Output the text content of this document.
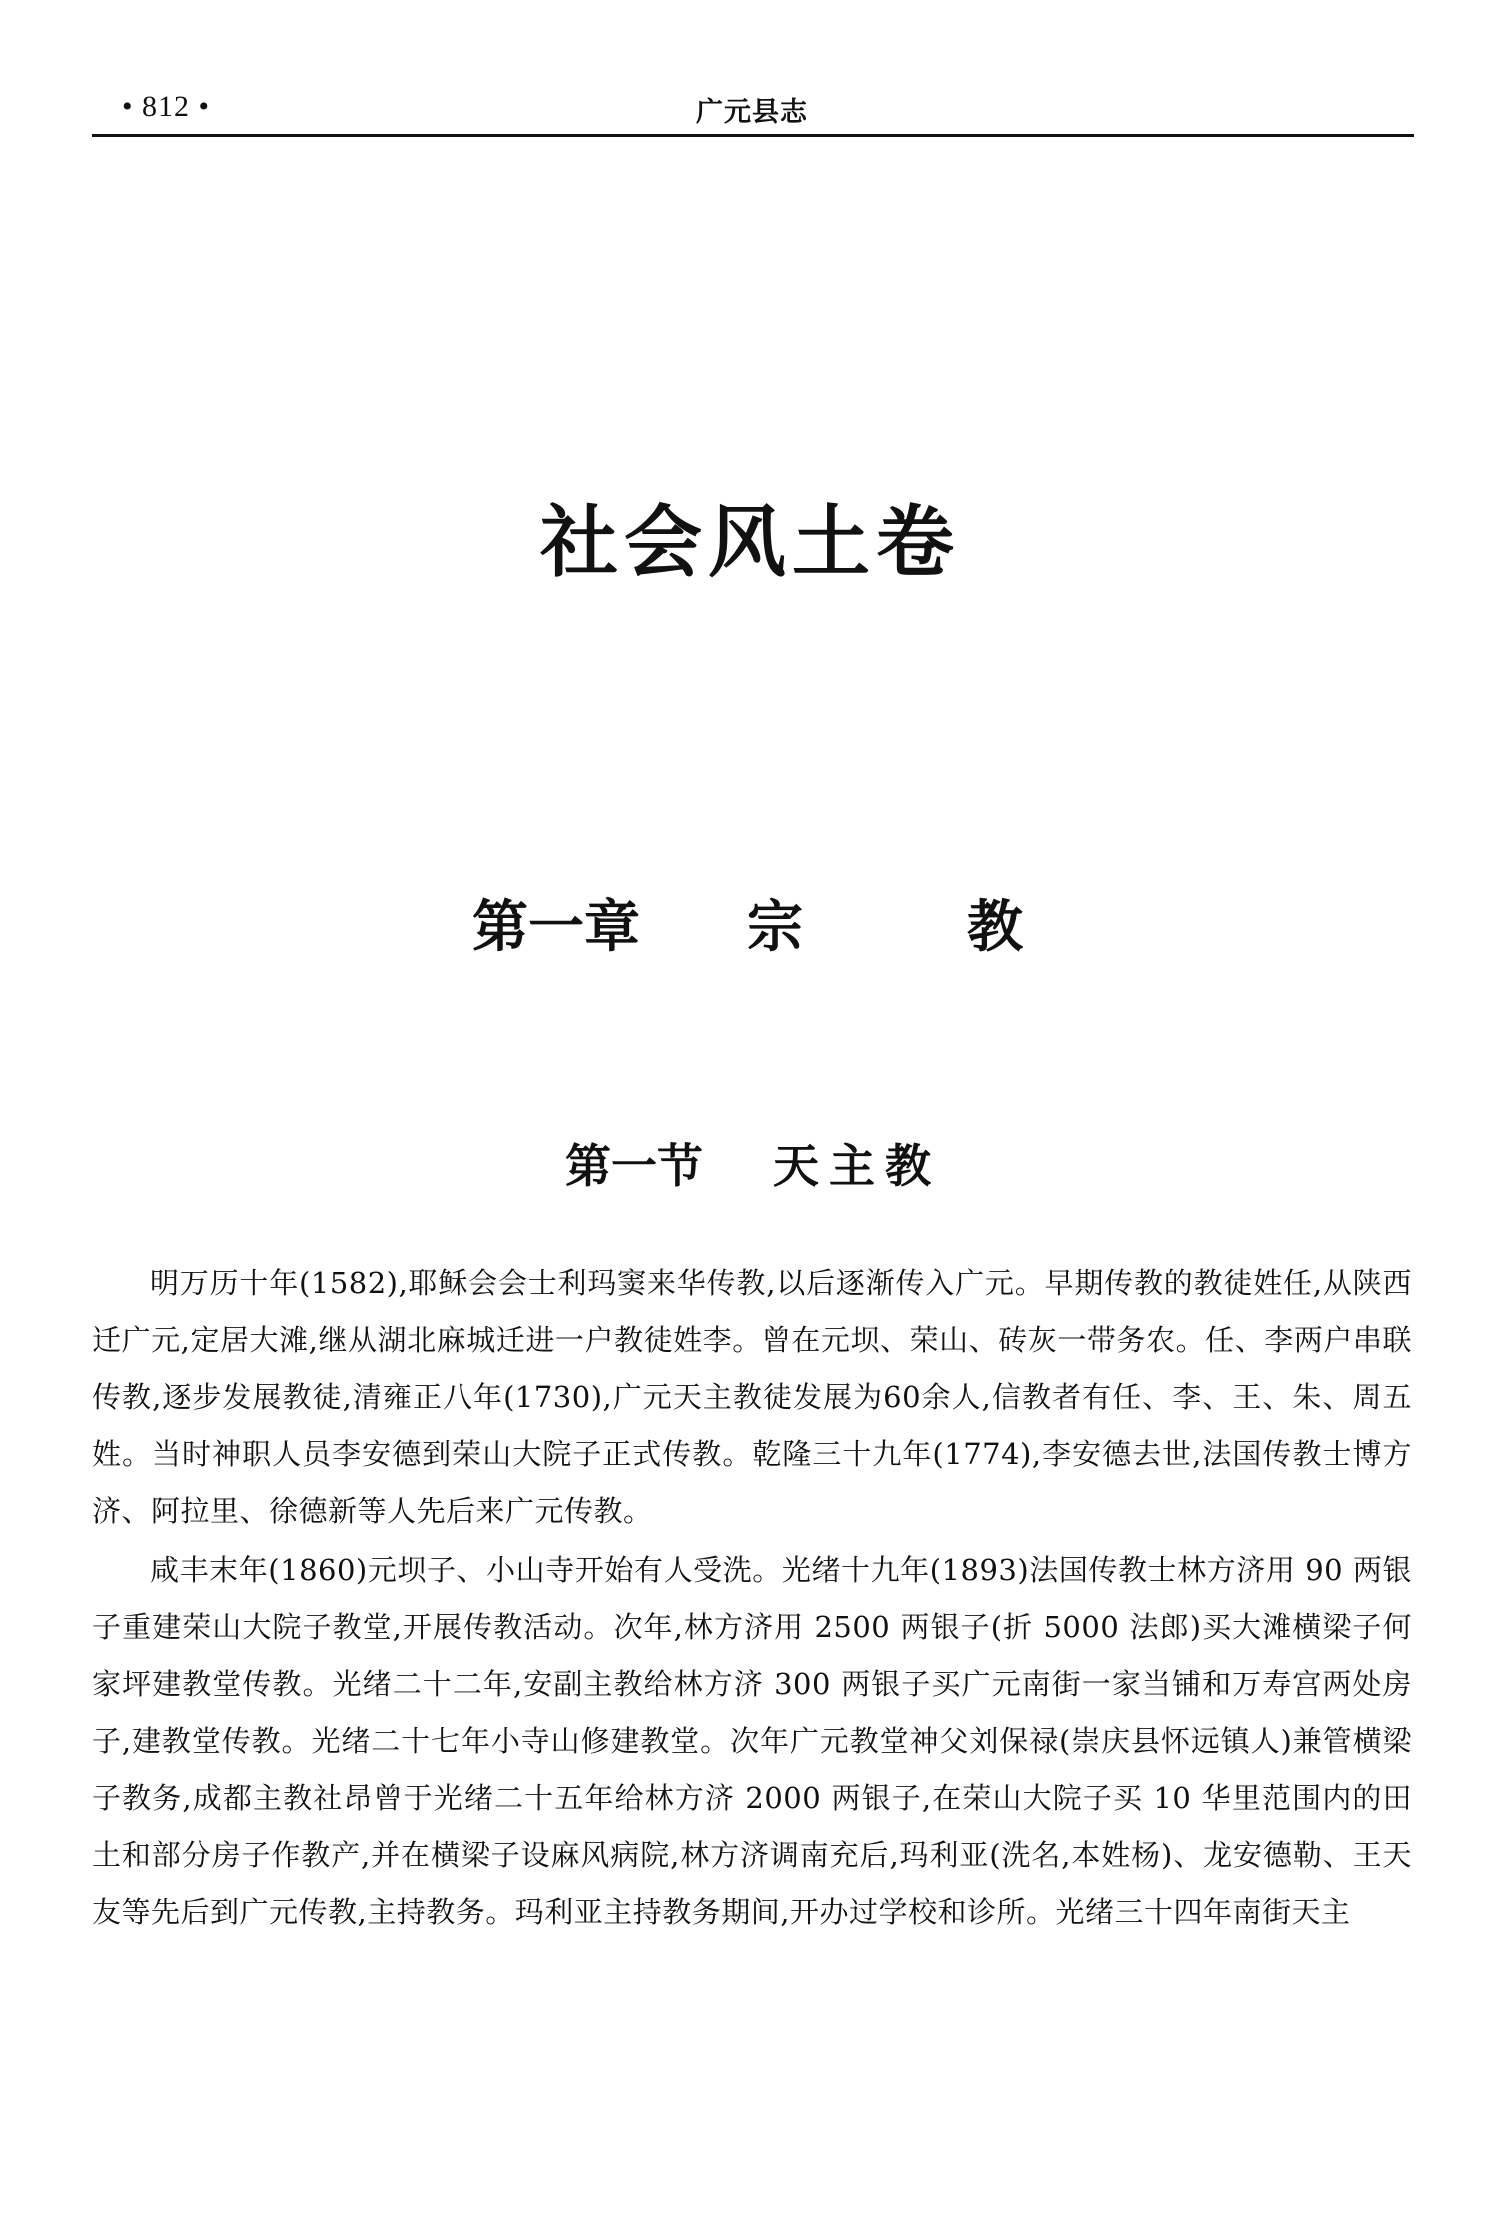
• 812 •	广元县志
社会风土卷
第一章 宗	教
第一节 天主教

明万历十年(1582),耶稣会会士利玛窦来华传教,以后逐渐传入广元。早期传教的教徒姓任,从陕西迁广元,定居大滩,继从湖北麻城迁进一户教徒姓李。曾在元坝、荣山、砖灰一带务农。任、李两户串联传教,逐步发展教徒,清雍正八年(1730),广元天主教徒发展为60余人,信教者有任、李、王、朱、周五姓。当时神职人员李安德到荣山大院子正式传教。乾隆三十九年(1774),李安德去世,法国传教士博方济、阿拉里、徐德新等人先后来广元传教。

咸丰末年(1860)元坝子、小山寺开始有人受洗。光绪十九年(1893)法国传教士林方济用 90 两银子重建荣山大院子教堂,开展传教活动。次年,林方济用 2500 两银子(折 5000 法郎)买大滩横梁子何家坪建教堂传教。光绪二十二年,安副主教给林方济 300 两银子买广元南街一家当铺和万寿宫两处房子,建教堂传教。光绪二十七年小寺山修建教堂。次年广元教堂神父刘保禄(崇庆县怀远镇人)兼管横梁子教务,成都主教社昂曾于光绪二十五年给林方济 2000 两银子,在荣山大院子买 10 华里范围内的田土和部分房子作教产,并在横梁子设麻风病院,林方济调南充后,玛利亚(洗名,本姓杨)、龙安德勒、王天友等先后到广元传教,主持教务。玛利亚主持教务期间,开办过学校和诊所。光绪三十四年南街天主
